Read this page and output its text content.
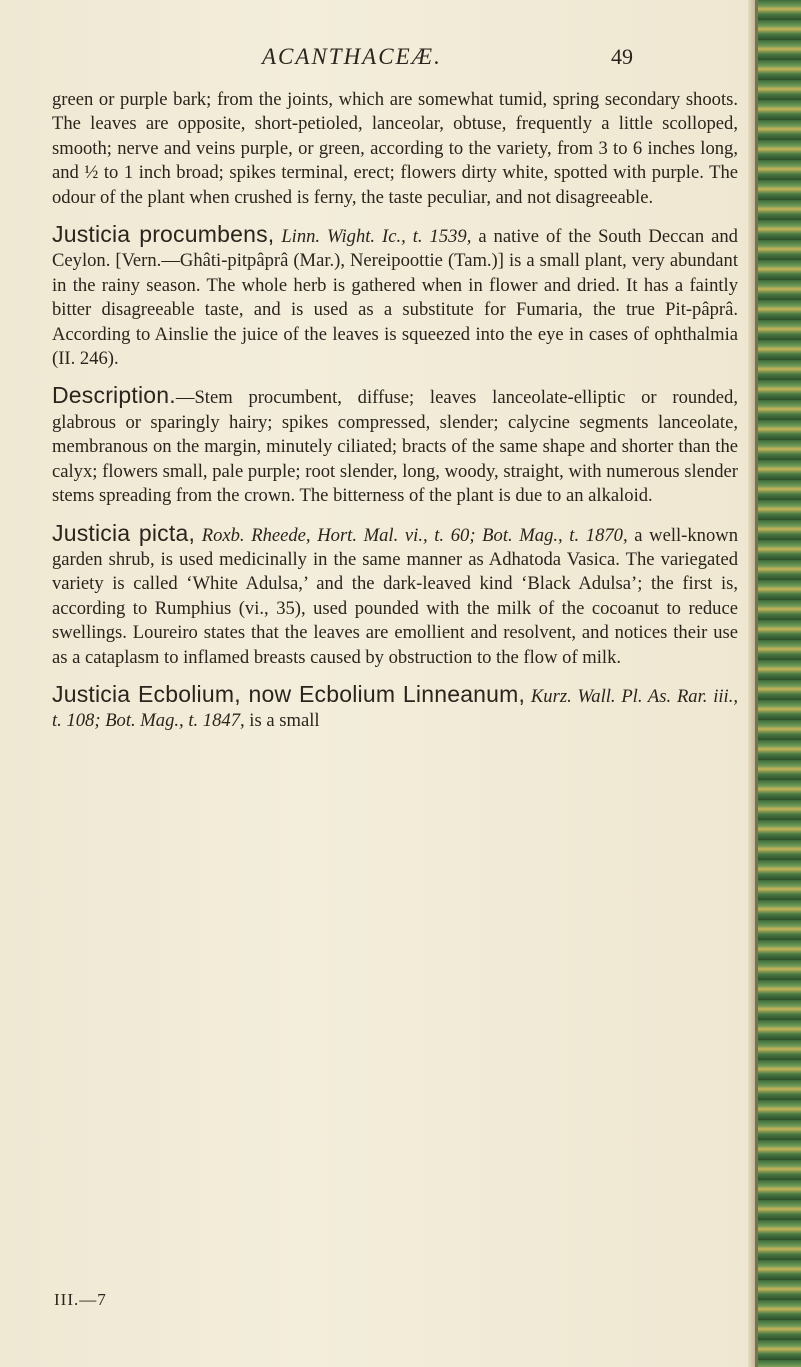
ACANTHACEÆ.	49

green or purple bark; from the joints, which are somewhat tumid, spring secondary shoots. The leaves are opposite, short-petioled, lanceolar, obtuse, frequently a little scolloped, smooth; nerve and veins purple, or green, according to the variety, from 3 to 6 inches long, and ½ to 1 inch broad; spikes terminal, erect; flowers dirty white, spotted with purple. The odour of the plant when crushed is ferny, the taste peculiar, and not disagreeable.

Justicia procumbens, Linn. Wight. Ic., t. 1539, a native of the South Deccan and Ceylon. [Vern.—Ghâti-pitpâprâ (Mar.), Nereipoottie (Tam.)] is a small plant, very abundant in the rainy season. The whole herb is gathered when in flower and dried. It has a faintly bitter disagreeable taste, and is used as a substitute for Fumaria, the true Pit-pâprâ. According to Ainslie the juice of the leaves is squeezed into the eye in cases of ophthalmia (II. 246).

Description.—Stem procumbent, diffuse; leaves lanceolate-elliptic or rounded, glabrous or sparingly hairy; spikes compressed, slender; calycine segments lanceolate, membranous on the margin, minutely ciliated; bracts of the same shape and shorter than the calyx; flowers small, pale purple; root slender, long, woody, straight, with numerous slender stems spreading from the crown. The bitterness of the plant is due to an alkaloid.

Justicia picta, Roxb. Rheede, Hort. Mal. vi., t. 60; Bot. Mag., t. 1870, a well-known garden shrub, is used medicinally in the same manner as Adhatoda Vasica. The variegated variety is called ‘White Adulsa,’ and the dark-leaved kind ‘Black Adulsa’; the first is, according to Rumphius (vi., 35), used pounded with the milk of the cocoanut to reduce swellings. Loureiro states that the leaves are emollient and resolvent, and notices their use as a cataplasm to inflamed breasts caused by obstruction to the flow of milk.

Justicia Ecbolium, now Ecbolium Linneanum, Kurz. Wall. Pl. As. Rar. iii., t. 108; Bot. Mag., t. 1847, is a small

III.—7
